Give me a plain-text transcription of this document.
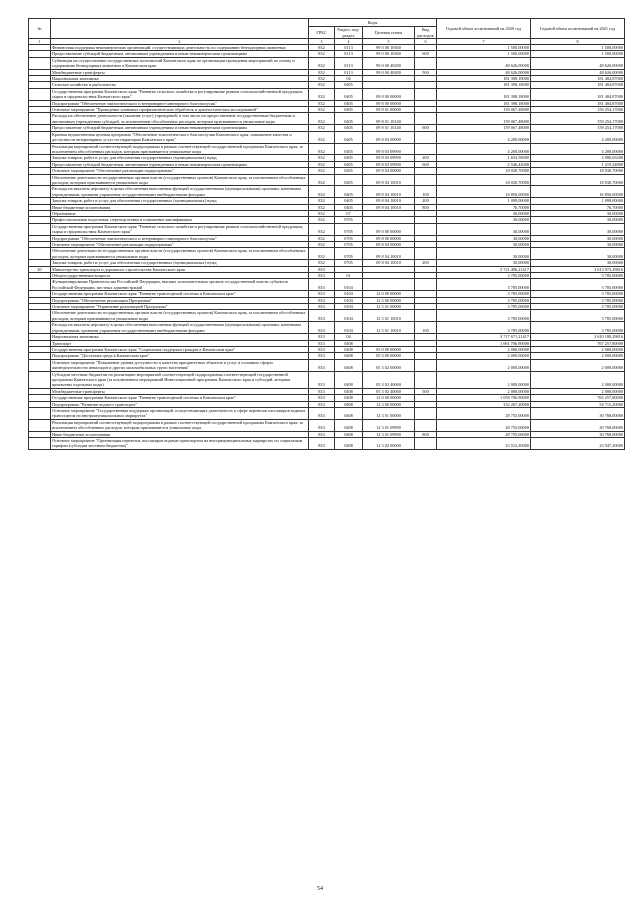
№		Коды				Годовой объем ассигнований на 2020 год	Годовой объем ассигнований на 2021 год
		ГРБС	Раздел, под-раздел	Целевая статья	Вид расходов		
1	2	3	4	5	6	7	8
	Финансовая поддержка некоммерческих организаций, осуществляющих деятельность по содержанию безнадзорных животных	832	0113	99 0 00 10360		1 500,00000	1 500,00000
	Предоставление субсидий бюджетным, автономным учреждениям и иным некоммерческим организациям	832	0113	99 0 00 10360	600	1 500,00000	1 500,00000
	Субвенции на осуществление государственных полномочий Камчатского края по организации проведения мероприятий по отлову и содержанию безнадзорных животных в Камчатском крае	832	0113	99 0 00 40280		48 626,00000	48 626,00000
	Межбюджетные трансферты	832	0113	99 0 00 40280	500	48 626,00000	48 626,00000
	Национальная экономика	832	04			181 398,18000	181 484,87000
	Сельское хозяйство и рыболовство	832	0405			181 398,18000	181 484,87000
	Государственная программа Камчатского края "Развитие сельского хозяйства и регулирование рынков сельскохозяйственной продукции, сырья и продовольствия Камчатского края"	832	0405	09 0 00 00000		181 398,18000	181 484,87000
	Подпрограмма "Обеспечение эпизоотического и ветеринарно-санитарного благополучия"	832	0405	09 8 00 00000		181 398,18000	181 484,87000
	Основное мероприятие "Проведение плановых профилактических обработок и диагностических исследований"	832	0405	09 8 01 00000		159 067,48000	159 254,17000
	Расходы на обеспечение деятельности (оказание услуг) учреждений, в том числе на предоставление государственным бюджетным и автономным учреждениям субсидий, за исключением обособленных расходов, которым присваиваются уникальные коды	832	0405	09 8 01 10140		159 067,48000	159 254,17000
	Предоставление субсидий бюджетным, автономным учреждениям и иным некоммерческим организациям	832	0405	09 8 01 10140	600	159 067,48000	159 254,17000
	Краевая ведомственная целевая программа "Обеспечение эпизоотического благополучия Камчатского края, повышение качества и доступности ветеринарных услуг на территории Камчатского края"	832	0405	09 8 03 00000		4 200,00000	4 200,00000
	Реализация мероприятий соответствующей подпрограммы в рамках соответствующей государственной программы Камчатского края, за исключением обособленных расходов, которым присваиваются уникальные коды	832	0405	09 8 03 09990		4 200,00000	4 200,00000
	Закупка товаров, работ и услуг для обеспечения государственных (муниципальных) нужд	832	0405	09 8 03 09990	200	1 653,58000	2 980,65200
	Предоставление субсидий бюджетным, автономным учреждениям и иным некоммерческим организациям	832	0405	09 8 03 09990	600	2 546,42000	1 219,34800
	Основное мероприятие "Обеспечение реализации подпрограммы"	832	0405	09 8 04 00000		18 030,70000	18 030,70000
	Обеспечение деятельности государственных органов власти (государственных органов) Камчатского края, за исключением обособленных расходов, которым присваиваются уникальные коды	832	0405	09 8 04 10010		18 030,70000	18 030,70000
	Расходы на выплаты персоналу в целях обеспечения выполнения функций государственными (муниципальными) органами, казенными учреждениями, органами управления государственными внебюджетными фондами	832	0405	09 8 04 10010	100	16 856,00000	16 856,00000
	Закупка товаров, работ и услуг для обеспечения государственных (муниципальных) нужд	832	0405	09 8 04 10010	200	1 098,00000	1 098,00000
	Иные бюджетные ассигнования	832	0405	09 8 04 10010	800	76,70000	76,70000
	Образование	832	07			30,00000	30,00000
	Профессиональная подготовка, переподготовка и повышение квалификации	832	0705			30,00000	30,00000
	Государственная программа Камчатского края "Развитие сельского хозяйства и регулирование рынков сельскохозяйственной продукции, сырья и продовольствия Камчатского края"	832	0705	09 0 00 00000		30,00000	30,00000
	Подпрограмма "Обеспечение эпизоотического и ветеринарно-санитарного благополучия"	832	0705	09 8 00 00000		30,00000	30,00000
	Основное мероприятие "Обеспечение реализации подпрограммы"	832	0705	09 8 04 00000		30,00000	30,00000
	Обеспечение деятельности государственных органов власти (государственных органов) Камчатского края, за исключением обособленных расходов, которым присваиваются уникальные коды	832	0705	09 8 04 10010		30,00000	30,00000
	Закупка товаров, работ и услуг для обеспечения государственных (муниципальных) нужд	832	0705	09 8 04 10010	200	30,00000	30,00000
20	Министерство транспорта и дорожного строительства Камчатского края	833				3 721 496,21417	3 613 973,29816
	Общегосударственные вопросы	833	01			3 785,00000	3 785,00000
	Функционирование Правительства Российской Федерации, высших исполнительных органов государственной власти субъектов Российской Федерации, местных администраций	833	0104			3 785,00000	3 785,00000
	Государственная программа Камчатского края "Развитие транспортной системы в Камчатском крае"	833	0104	12 0 00 00000		3 785,00000	3 785,00000
	Подпрограмма "Обеспечение реализации Программы"	833	0104	12 5 00 00000		3 785,00000	3 785,00000
	Основное мероприятие "Управление реализацией Программы"	833	0104	12 5 01 00000		3 785,00000	3 785,00000
	Обеспечение деятельности государственных органов власти (государственных органов) Камчатского края, за исключением обособленных расходов, которым присваиваются уникальные коды	833	0104	12 5 01 10010		3 785,00000	3 785,00000
	Расходы на выплаты персоналу в целях обеспечения выполнения функций государственными (муниципальными) органами, казенными учреждениями, органами управления государственными внебюджетными фондами	833	0104	12 5 01 10010	100	3 785,00000	3 785,00000
	Национальная экономика	833	04			3 717 671,21417	3 610 188,29816
	Транспорт	833	0408			1 061 706,90000	767 257,80000
	Государственная программа Камчатского края "Социальная поддержка граждан в Камчатском крае"	833	0408	05 0 00 00000		2 000,00000	2 000,00000
	Подпрограмма "Доступная среда в Камчатском крае"	833	0408	05 3 00 00000		2 000,00000	2 000,00000
	Основное мероприятие "Повышение уровня доступности и качества приоритетных объектов и услуг в основных сферах жизнедеятельности инвалидов и других маломобильных групп населения"	833	0408	05 3 02 00000		2 000,00000	2 000,00000
	Субсидии местным бюджетам на реализацию мероприятий соответствующей подпрограммы соответствующей государственной программы Камчатского края (за исключением мероприятий Инвестиционной программы Камчатского края и субсидий, которым присвоены отдельные коды)	833	0408	05 3 02 40060		2 000,00000	2 000,00000
	Межбюджетные трансферты	833	0408	05 3 02 40060	500	2 000,00000	2 000,00000
	Государственная программа Камчатского края "Развитие транспортной системы в Камчатском крае"	833	0408	12 0 00 00000		1 059 706,90000	765 257,80000
	Подпрограмма "Развитие водного транспорта"	833	0408	12 3 00 00000		332 267,20000	54 715,20000
	Основное мероприятие "Государственная поддержка организаций, осуществляющих деятельность в сфере перевозок пассажиров водным транспортом на внутримуниципальных маршрутах"	833	0408	12 3 01 00000		28 755,00000	30 768,00000
	Реализация мероприятий соответствующей подпрограммы в рамках соответствующей государственной программы Камчатского края, за исключением обособленных расходов, которым присваиваются уникальные коды	833	0408	12 3 01 09990		28 755,00000	30 768,00000
	Иные бюджетные ассигнования	833	0408	12 3 01 09990	800	28 755,00000	30 768,00000
	Основное мероприятие "Организация перевозок пассажиров водным транспортом на внутримуниципальных маршрутах по социальным тарифам (субсидии местным бюджетам)"	833	0408	12 3 02 00000		23 512,20000	23 947,20000
54
